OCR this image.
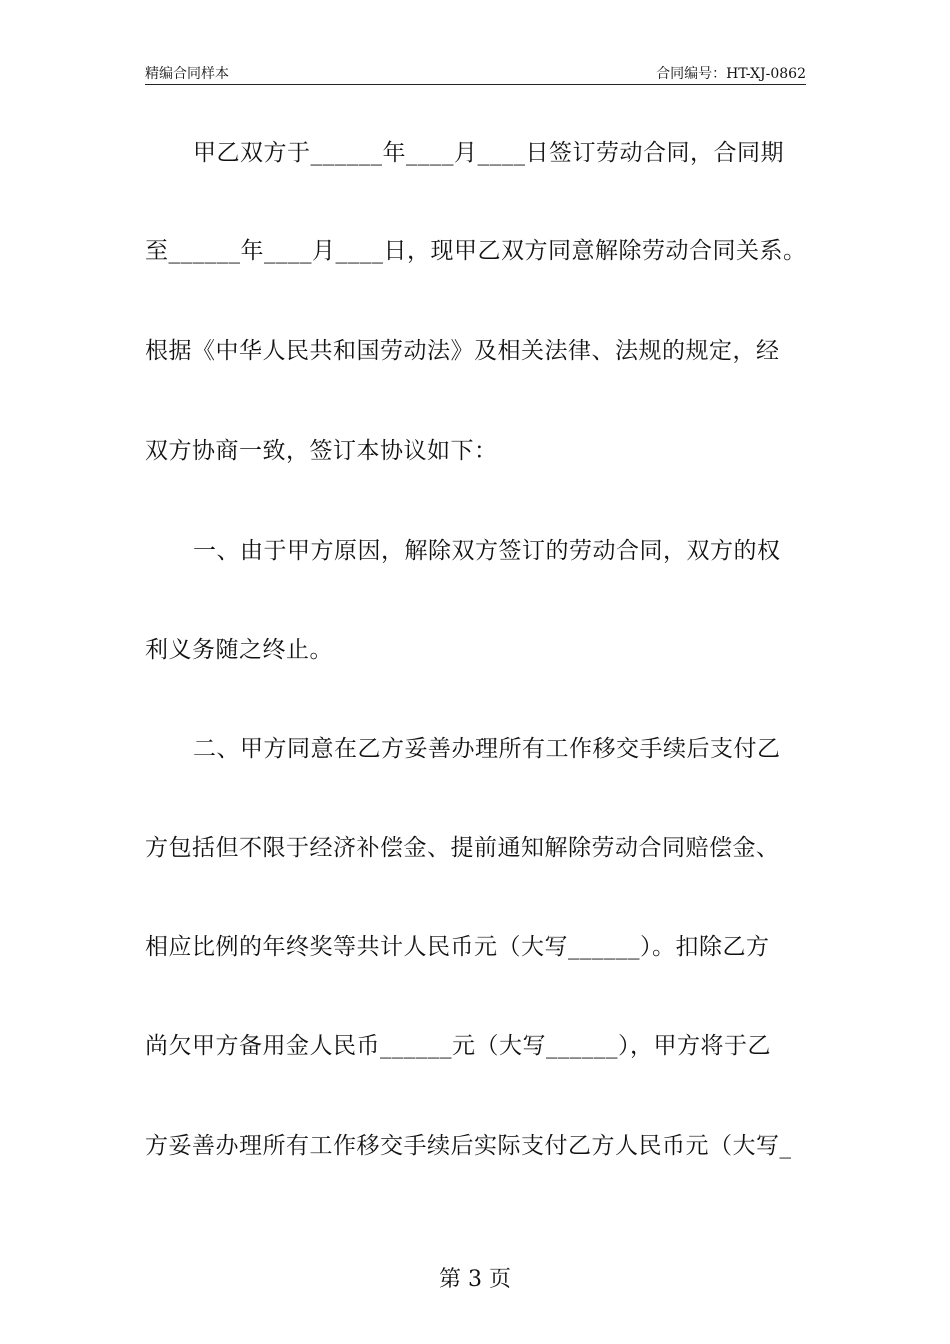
精编合同样本	合同编号：HT-XJ-0862
甲乙双方于______年____月____日签订劳动合同，合同期
至______年____月____日，现甲乙双方同意解除劳动合同关系。
根据《中华人民共和国劳动法》及相关法律、法规的规定，经
双方协商一致，签订本协议如下：
一、由于甲方原因，解除双方签订的劳动合同，双方的权
利义务随之终止。
二、甲方同意在乙方妥善办理所有工作移交手续后支付乙
方包括但不限于经济补偿金、提前通知解除劳动合同赔偿金、
相应比例的年终奖等共计人民币元（大写______）。扣除乙方
尚欠甲方备用金人民币______元（大写______），甲方将于乙
方妥善办理所有工作移交手续后实际支付乙方人民币元（大写_
第 3 页
